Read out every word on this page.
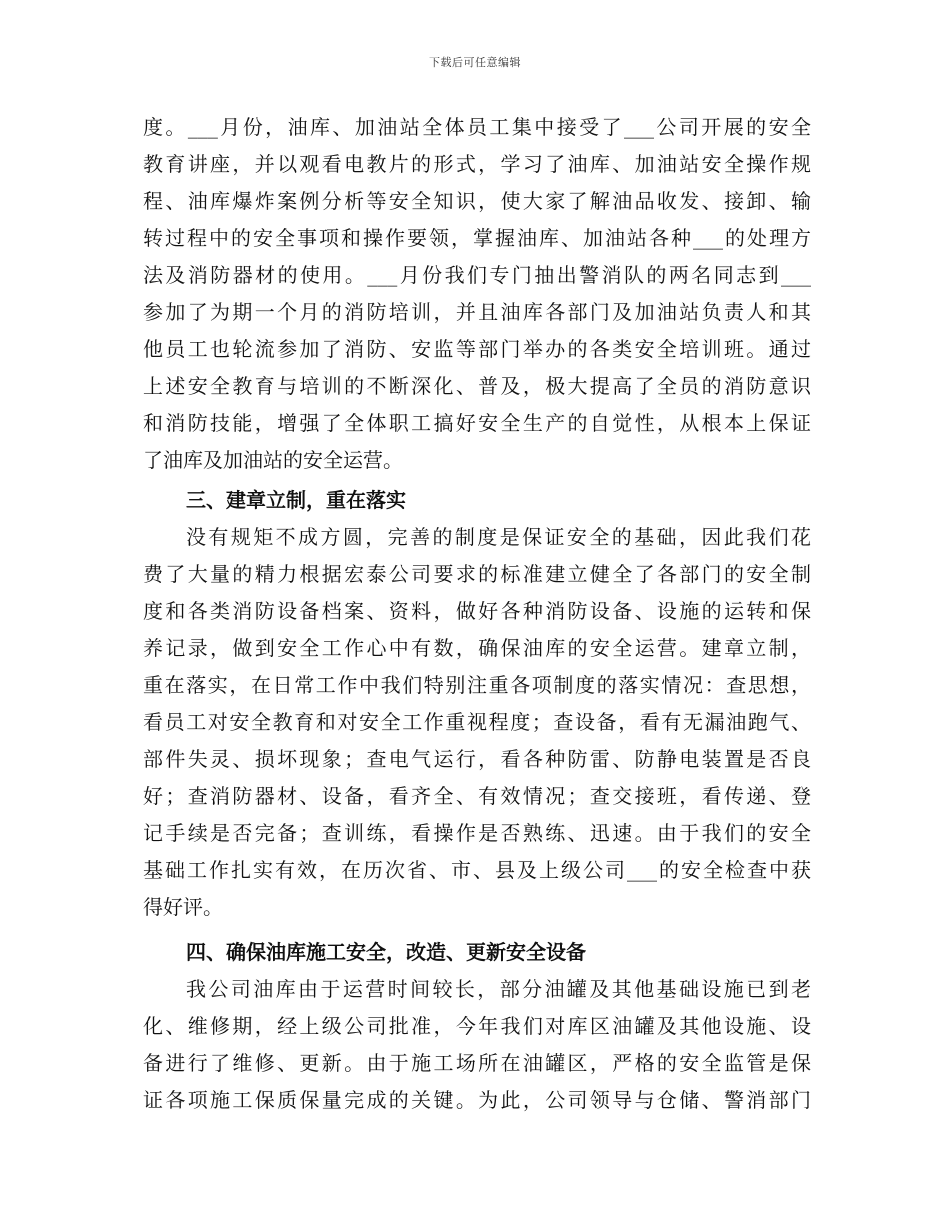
下载后可任意编辑
度。___月份，油库、加油站全体员工集中接受了___公司开展的安全
教育讲座，并以观看电教片的形式，学习了油库、加油站安全操作规
程、油库爆炸案例分析等安全知识，使大家了解油品收发、接卸、输
转过程中的安全事项和操作要领，掌握油库、加油站各种___的处理方
法及消防器材的使用。___月份我们专门抽出警消队的两名同志到___
参加了为期一个月的消防培训，并且油库各部门及加油站负责人和其
他员工也轮流参加了消防、安监等部门举办的各类安全培训班。通过
上述安全教育与培训的不断深化、普及，极大提高了全员的消防意识
和消防技能，增强了全体职工搞好安全生产的自觉性，从根本上保证
了油库及加油站的安全运营。
三、建章立制，重在落实
没有规矩不成方圆，完善的制度是保证安全的基础，因此我们花
费了大量的精力根据宏泰公司要求的标准建立健全了各部门的安全制
度和各类消防设备档案、资料，做好各种消防设备、设施的运转和保
养记录，做到安全工作心中有数，确保油库的安全运营。建章立制，
重在落实，在日常工作中我们特别注重各项制度的落实情况：查思想，
看员工对安全教育和对安全工作重视程度；查设备，看有无漏油跑气、
部件失灵、损坏现象；查电气运行，看各种防雷、防静电装置是否良
好；查消防器材、设备，看齐全、有效情况；查交接班，看传递、登
记手续是否完备；查训练，看操作是否熟练、迅速。由于我们的安全
基础工作扎实有效，在历次省、市、县及上级公司___的安全检查中获
得好评。
四、确保油库施工安全，改造、更新安全设备
我公司油库由于运营时间较长，部分油罐及其他基础设施已到老
化、维修期，经上级公司批准，今年我们对库区油罐及其他设施、设
备进行了维修、更新。由于施工场所在油罐区，严格的安全监管是保
证各项施工保质保量完成的关键。为此，公司领导与仓储、警消部门
